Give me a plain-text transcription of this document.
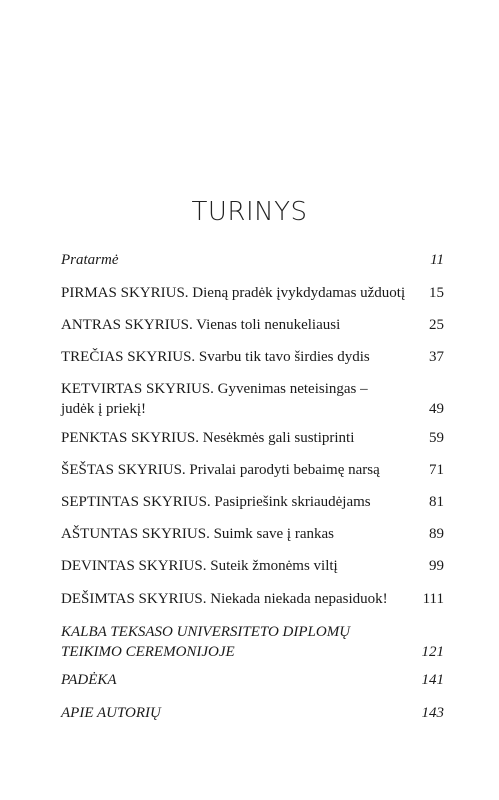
TURINYS
Pratarmė	11
PIRMAS SKYRIUS. Dieną pradėk įvykdydamas užduotį	15
ANTRAS SKYRIUS. Vienas toli nenukeliausi	25
TREČIAS SKYRIUS. Svarbu tik tavo širdies dydis	37
KETVIRTAS SKYRIUS. Gyvenimas neteisingas –
judėk į priekį!	49
PENKTAS SKYRIUS. Nesėkmės gali sustiprinti	59
ŠEŠTAS SKYRIUS. Privalai parodyti bebaimę narsą	71
SEPTINTAS SKYRIUS. Pasipriešink skriaudėjams	81
AŠTUNTAS SKYRIUS. Suimk save į rankas	89
DEVINTAS SKYRIUS. Suteik žmonėms viltį	99
DEŠIMTAS SKYRIUS. Niekada niekada nepasiduok!	111
KALBA TEKSASO UNIVERSITETO DIPLOMŲ
TEIKIMO CEREMONIJOJE	121
PADĖKA	141
APIE AUTORIŲ	143
